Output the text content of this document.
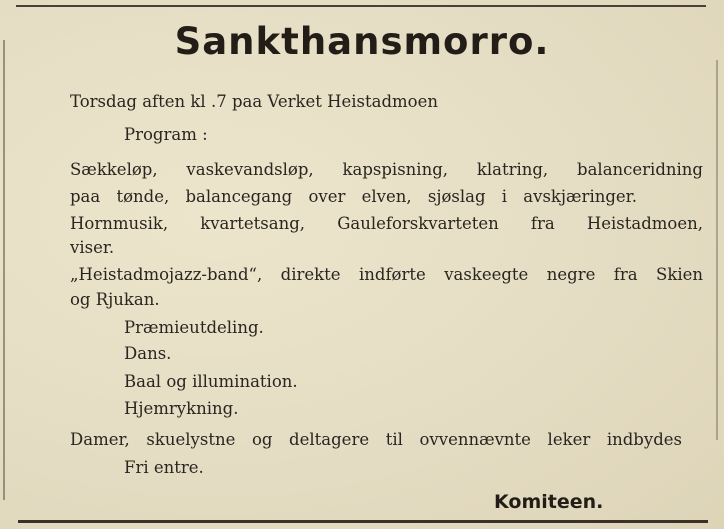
Sankthansmorro.
Torsdag aften kl .7 paa Verket Heistadmoen
Program :
Sækkeløp, vaskevandsløp, kapspisning, klatring, balanceridning
paa tønde, balancegang over elven, sjøslag i avskjæringer.
Hornmusik, kvartetsang, Gauleforskvarteten fra Heistadmoen,
viser.
„Heistadmojazz-band“, direkte indførte vaskeegte negre fra Skien
og Rjukan.
Præmieutdeling.
Dans.
Baal og illumination.
Hjemrykning.
Damer, skuelystne og deltagere til ovvennævnte leker indbydes
Fri entre.
Komiteen.
